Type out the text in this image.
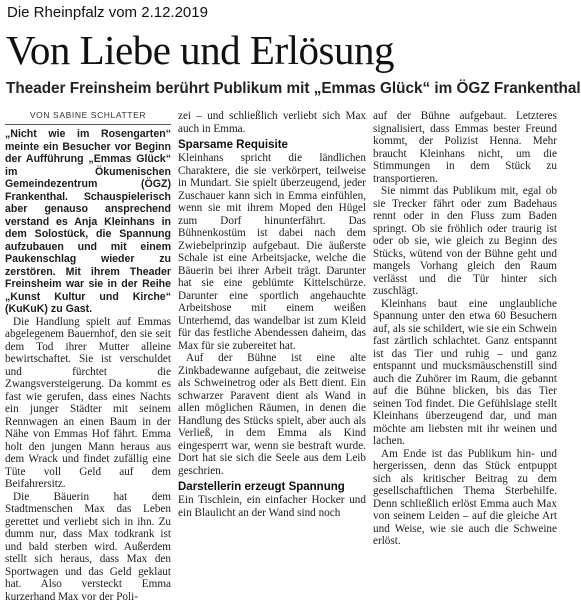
Die Rheinpfalz vom 2.12.2019
Von Liebe und Erlösung
Theader Freinsheim berührt Publikum mit „Emmas Glück“ im ÖGZ Frankenthal
VON SABINE SCHLATTER

„Nicht wie im Rosengarten“ meinte ein Besucher vor Beginn der Aufführung „Emmas Glück“ im Ökumenischen Gemeindezentrum (ÖGZ) Frankenthal. Schauspielerisch aber genauso ansprechend verstand es Anja Kleinhans in dem Solostück, die Spannung aufzubauen und mit einem Paukenschlag wieder zu zerstören. Mit ihrem Theader Freinsheim war sie in der Reihe „Kunst Kultur und Kirche“ (KuKuK) zu Gast.

Die Handlung spielt auf Emmas abgelegenem Bauernhof, den sie seit dem Tod ihrer Mutter alleine bewirtschaftet. Sie ist verschuldet und fürchtet die Zwangsversteigerung. Da kommt es fast wie gerufen, dass eines Nachts ein junger Städter mit seinem Rennwagen an einen Baum in der Nähe von Emmas Hof fährt. Emma holt den jungen Mann heraus aus dem Wrack und findet zufällig eine Tüte voll Geld auf dem Beifahrersitz.

Die Bäuerin hat dem Stadtmenschen Max das Leben gerettet und verliebt sich in ihn. Zu dumm nur, dass Max todkrank ist und bald sterben wird. Außerdem stellt sich heraus, dass Max den Sportwagen und das Geld geklaut hat. Also versteckt Emma kurzerhand Max vor der Poli-

zei – und schließlich verliebt sich Max auch in Emma.

Sparsame Requisite

Kleinhans spricht die ländlichen Charaktere, die sie verkörpert, teilweise in Mundart. Sie spielt überzeugend, jeder Zuschauer kann sich in Emma einfühlen, wenn sie mit ihrem Moped den Hügel zum Dorf hinunterfährt. Das Bühnenkostüm ist dabei nach dem Zwiebelprinzip aufgebaut. Die äußerste Schale ist eine Arbeitsjacke, welche die Bäuerin bei ihrer Arbeit trägt. Darunter hat sie eine geblümte Kittelschürze. Darunter eine sportlich angehauchte Arbeitshose mit einem weißen Unterhemd, das wandelbar ist zum Kleid für das festliche Abendessen daheim, das Max für sie zubereitet hat.

Auf der Bühne ist eine alte Zinkbadewanne aufgebaut, die zeitweise als Schweinetrog oder als Bett dient. Ein schwarzer Paravent dient als Wand in allen möglichen Räumen, in denen die Handlung des Stücks spielt, aber auch als Verließ, in dem Emma als Kind eingesperrt war, wenn sie bestraft wurde. Dort hat sie sich die Seele aus dem Leib geschrien.

Darstellerin erzeugt Spannung

Ein Tischlein, ein einfacher Hocker und ein Blaulicht an der Wand sind noch

auf der Bühne aufgebaut. Letzteres signalisiert, dass Emmas bester Freund kommt, der Polizist Henna. Mehr braucht Kleinhans nicht, um die Stimmungen in dem Stück zu transportieren.

Sie nimmt das Publikum mit, egal ob sie Trecker fährt oder zum Badehaus rennt oder in den Fluss zum Baden springt. Ob sie fröhlich oder traurig ist oder ob sie, wie gleich zu Beginn des Stücks, wütend von der Bühne geht und mangels Vorhang gleich den Raum verlässt und die Tür hinter sich zuschlägt.

Kleinhans baut eine unglaubliche Spannung unter den etwa 60 Besuchern auf, als sie schildert, wie sie ein Schwein fast zärtlich schlachtet. Ganz entspannt ist das Tier und ruhig – und ganz entspannt und mucksmäuschenstill sind auch die Zuhörer im Raum, die gebannt auf die Bühne blicken, bis das Tier seinen Tod findet. Die Gefühlslage stellt Kleinhans überzeugend dar, und man möchte am liebsten mit ihr weinen und lachen.

Am Ende ist das Publikum hin- und hergerissen, denn das Stück entpuppt sich als kritischer Beitrag zu dem gesellschaftlichen Thema Sterbehilfe. Denn schließlich erlöst Emma auch Max von seinem Leiden – auf die gleiche Art und Weise, wie sie auch die Schweine erlöst.
